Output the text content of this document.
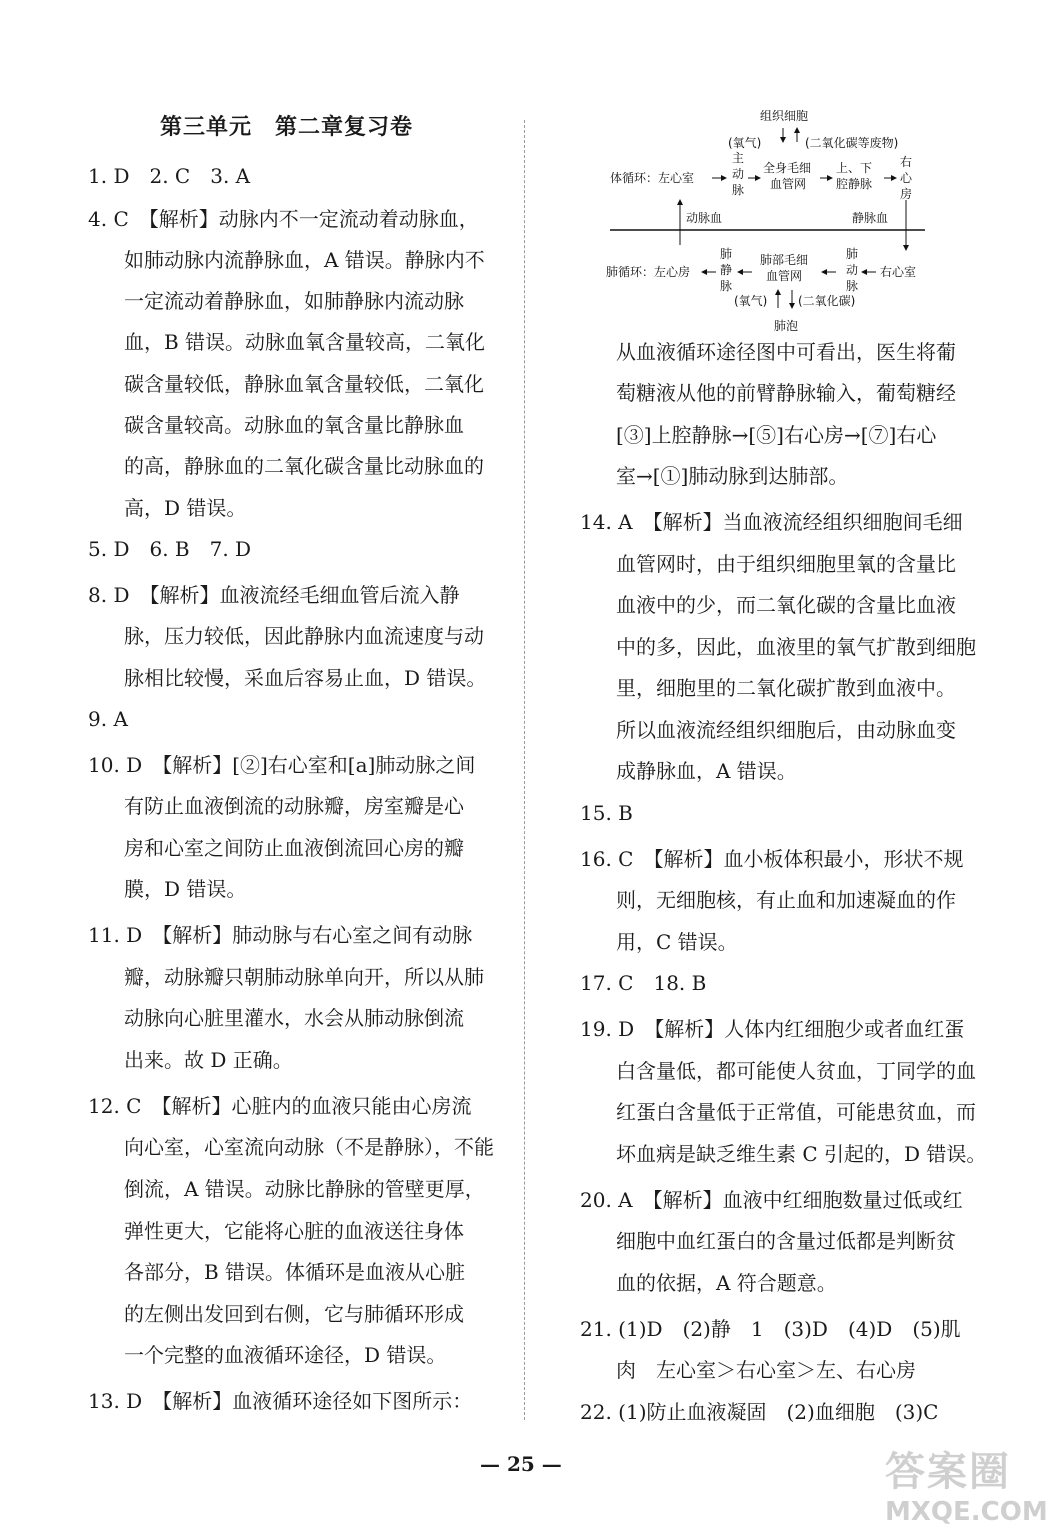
第三单元　第二章复习卷
1. D　2. C　3. A
4. C　【解析】动脉内不一定流动着动脉血，
如肺动脉内流静脉血，A 错误。静脉内不
一定流动着静脉血，如肺静脉内流动脉
血，B 错误。动脉血氧含量较高，二氧化
碳含量较低，静脉血氧含量较低，二氧化
碳含量较高。动脉血的氧含量比静脉血
的高，静脉血的二氧化碳含量比动脉血的
高，D 错误。
5. D　6. B　7. D
8. D　【解析】血液流经毛细血管后流入静
脉，压力较低，因此静脉内血流速度与动
脉相比较慢，采血后容易止血，D 错误。
9. A
10. D　【解析】[②]右心室和[a]肺动脉之间
有防止血液倒流的动脉瓣，房室瓣是心
房和心室之间防止血液倒流回心房的瓣
膜，D 错误。
11. D　【解析】肺动脉与右心室之间有动脉
瓣，动脉瓣只朝肺动脉单向开，所以从肺
动脉向心脏里灌水，水会从肺动脉倒流
出来。故 D 正确。
12. C　【解析】心脏内的血液只能由心房流
向心室，心室流向动脉（不是静脉），不能
倒流，A 错误。动脉比静脉的管壁更厚，
弹性更大，它能将心脏的血液送往身体
各部分，B 错误。体循环是血液从心脏
的左侧出发回到右侧，它与肺循环形成
一个完整的血液循环途径，D 错误。
13. D　【解析】血液循环途径如下图所示：
从血液循环途径图中可看出，医生将葡
萄糖液从他的前臂静脉输入，葡萄糖经
[③]上腔静脉→[⑤]右心房→[⑦]右心
室→[①]肺动脉到达肺部。
14. A　【解析】当血液流经组织细胞间毛细
血管网时，由于组织细胞里氧的含量比
血液中的少，而二氧化碳的含量比血液
中的多，因此，血液里的氧气扩散到细胞
里，细胞里的二氧化碳扩散到血液中。
所以血液流经组织细胞后，由动脉血变
成静脉血，A 错误。
15. B
16. C　【解析】血小板体积最小，形状不规
则，无细胞核，有止血和加速凝血的作
用，C 错误。
17. C　18. B
19. D　【解析】人体内红细胞少或者血红蛋
白含量低，都可能使人贫血，丁同学的血
红蛋白含量低于正常值，可能患贫血，而
坏血病是缺乏维生素 C 引起的，D 错误。
20. A　【解析】血液中红细胞数量过低或红
细胞中血红蛋白的含量过低都是判断贫
血的依据，A 符合题意。
21. (1)D　(2)静　1　(3)D　(4)D　(5)肌
肉　左心室＞右心室＞左、右心房
22. (1)防止血液凝固　(2)血细胞　(3)C
组织细胞
(氧气)	(二氧化碳等废物)
体循环：左心室
主
动
脉
全身毛细
血管网
上、下
腔静脉
右
心
房
动脉血	静脉血
肺循环：左心房
肺
静
脉
肺部毛细
血管网
肺
动
脉
右心室
(氧气)	(二氧化碳)
肺泡
— 25 —	答案圈
MXQE.COM
